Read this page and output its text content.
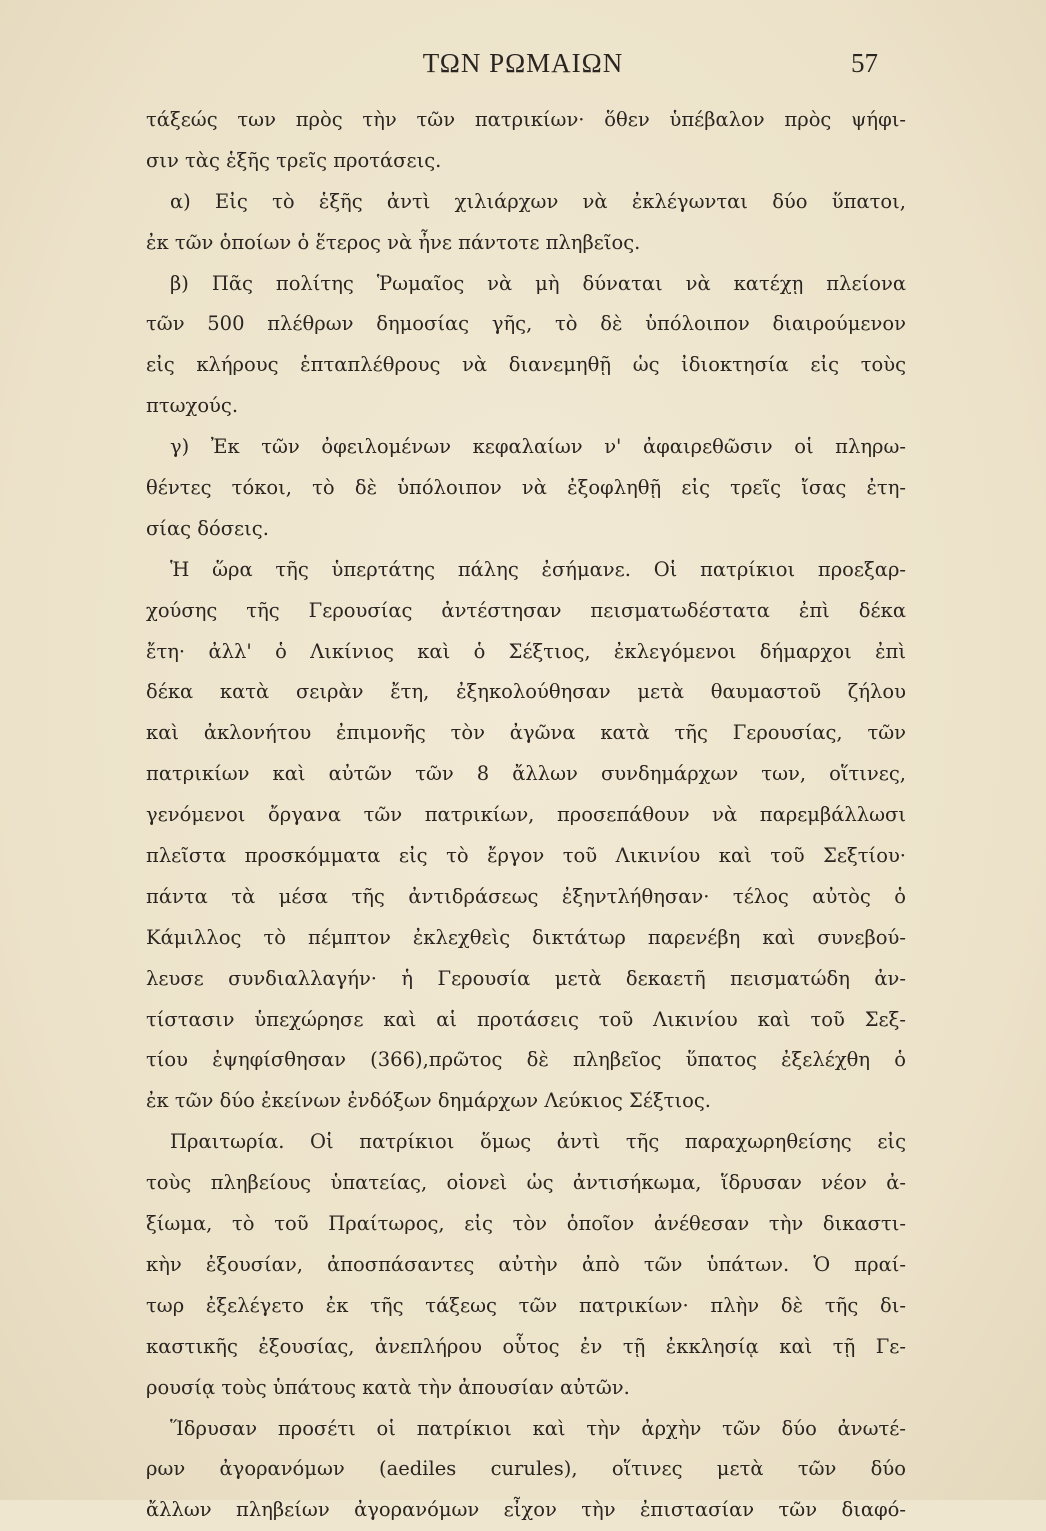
ΤΩΝ ΡΩΜΑΙΩΝ	57
τάξεώς των πρὸς τὴν τῶν πατρικίων· ὅθεν ὑπέβαλον πρὸς ψήφι-
σιν τὰς ἑξῆς τρεῖς προτάσεις.
α) Εἰς τὸ ἑξῆς ἀντὶ χιλιάρχων νὰ ἐκλέγωνται δύο ὕπατοι,
ἐκ τῶν ὁποίων ὁ ἕτερος νὰ ἦνε πάντοτε πληβεῖος.
β) Πᾶς πολίτης Ῥωμαῖος νὰ μὴ δύναται νὰ κατέχῃ πλείονα
τῶν 500 πλέθρων δημοσίας γῆς, τὸ δὲ ὑπόλοιπον διαιρούμενον
εἰς κλήρους ἑπταπλέθρους νὰ διανεμηθῇ ὡς ἰδιοκτησία εἰς τοὺς
πτωχούς.
γ) Ἐκ τῶν ὀφειλομένων κεφαλαίων ν' ἀφαιρεθῶσιν οἱ πληρω-
θέντες τόκοι, τὸ δὲ ὑπόλοιπον νὰ ἐξοφληθῇ εἰς τρεῖς ἴσας ἐτη-
σίας δόσεις.
Ἡ ὥρα τῆς ὑπερτάτης πάλης ἐσήμανε. Οἱ πατρίκιοι προεξαρ-
χούσης τῆς Γερουσίας ἀντέστησαν πεισματωδέστατα ἐπὶ δέκα
ἔτη· ἀλλ' ὁ Λικίνιος καὶ ὁ Σέξτιος, ἐκλεγόμενοι δήμαρχοι ἐπὶ
δέκα κατὰ σειρὰν ἔτη, ἐξηκολούθησαν μετὰ θαυμαστοῦ ζήλου
καὶ ἀκλονήτου ἐπιμονῆς τὸν ἀγῶνα κατὰ τῆς Γερουσίας, τῶν
πατρικίων καὶ αὐτῶν τῶν 8 ἄλλων συνδημάρχων των, οἵτινες,
γενόμενοι ὄργανα τῶν πατρικίων, προσεπάθουν νὰ παρεμβάλλωσι
πλεῖστα προσκόμματα εἰς τὸ ἔργον τοῦ Λικινίου καὶ τοῦ Σεξτίου·
πάντα τὰ μέσα τῆς ἀντιδράσεως ἐξηντλήθησαν· τέλος αὐτὸς ὁ
Κάμιλλος τὸ πέμπτον ἐκλεχθεὶς δικτάτωρ παρενέβη καὶ συνεβού-
λευσε συνδιαλλαγήν· ἡ Γερουσία μετὰ δεκαετῆ πεισματώδη ἀν-
τίστασιν ὑπεχώρησε καὶ αἱ προτάσεις τοῦ Λικινίου καὶ τοῦ Σεξ-
τίου ἐψηφίσθησαν (366),πρῶτος δὲ πληβεῖος ὕπατος ἐξελέχθη ὁ
ἐκ τῶν δύο ἐκείνων ἐνδόξων δημάρχων Λεύκιος Σέξτιος.
Πραιτωρία. Οἱ πατρίκιοι ὅμως ἀντὶ τῆς παραχωρηθείσης εἰς
τοὺς πληβείους ὑπατείας, οἱονεὶ ὡς ἀντισήκωμα, ἵδρυσαν νέον ἀ-
ξίωμα, τὸ τοῦ Πραίτωρος, εἰς τὸν ὁποῖον ἀνέθεσαν τὴν δικαστι-
κὴν ἐξουσίαν, ἀποσπάσαντες αὐτὴν ἀπὸ τῶν ὑπάτων. Ὁ πραί-
τωρ ἐξελέγετο ἐκ τῆς τάξεως τῶν πατρικίων· πλὴν δὲ τῆς δι-
καστικῆς ἐξουσίας, ἀνεπλήρου οὗτος ἐν τῇ ἐκκλησίᾳ καὶ τῇ Γε-
ρουσίᾳ τοὺς ὑπάτους κατὰ τὴν ἀπουσίαν αὐτῶν.
Ἵδρυσαν προσέτι οἱ πατρίκιοι καὶ τὴν ἀρχὴν τῶν δύο ἀνωτέ-
ρων ἀγορανόμων (aediles curules), οἵτινες μετὰ τῶν δύο
ἄλλων πληβείων ἀγορανόμων εἶχον τὴν ἐπιστασίαν τῶν διαφό-
